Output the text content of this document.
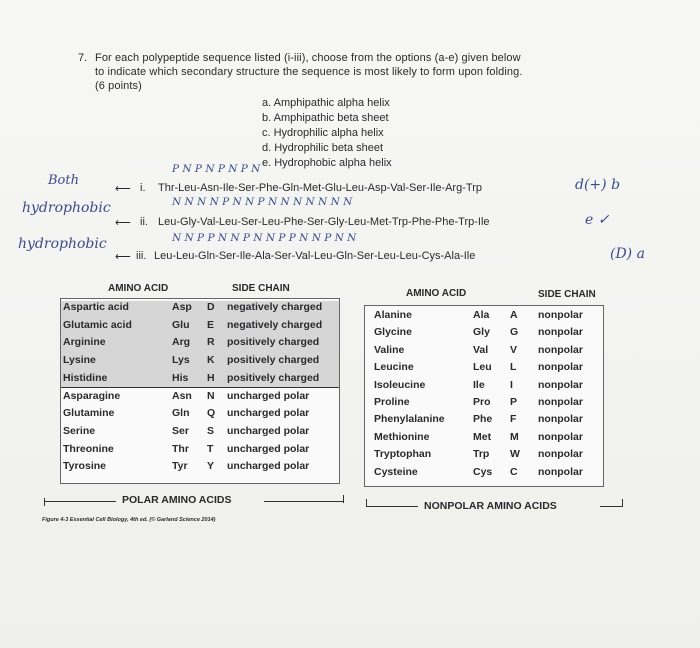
7. For each polypeptide sequence listed (i-iii), choose from the options (a-e) given below
to indicate which secondary structure the sequence is most likely to form upon folding.
(6 points)
a. Amphipathic alpha helix
b. Amphipathic beta sheet
c. Hydrophilic alpha helix
d. Hydrophilic beta sheet
e. Hydrophobic alpha helix
Both
hydrophobic
hydrophobic
P N P N P N P N
N N N N P N N P N N N N N N N
N N P P N N P N N P P N N P N N
d(+) b
e ✓
(D) a
⟵
⟵
⟵
i. Thr-Leu-Asn-Ile-Ser-Phe-Gln-Met-Glu-Leu-Asp-Val-Ser-Ile-Arg-Trp
ii. Leu-Gly-Val-Leu-Ser-Leu-Phe-Ser-Gly-Leu-Met-Trp-Phe-Phe-Trp-Ile
iii. Leu-Leu-Gln-Ser-Ile-Ala-Ser-Val-Leu-Gln-Ser-Leu-Leu-Cys-Ala-Ile
AMINO ACID	SIDE CHAIN	AMINO ACID	SIDE CHAIN
Aspartic acid	Asp D negatively charged
Glutamic acid	Glu E negatively charged
Arginine	Arg R positively charged
Lysine	Lys K positively charged
Histidine	His H positively charged
Asparagine	Asn N uncharged polar
Glutamine	Gln Q uncharged polar
Serine	Ser S uncharged polar
Threonine	Thr T uncharged polar
Tyrosine	Tyr Y uncharged polar
Alanine	Ala A nonpolar
Glycine	Gly G nonpolar
Valine	Val V nonpolar
Leucine	Leu L nonpolar
Isoleucine	Ile I nonpolar
Proline	Pro P nonpolar
Phenylalanine	Phe F nonpolar
Methionine	Met M nonpolar
Tryptophan	Trp W nonpolar
Cysteine	Cys C nonpolar
POLAR AMINO ACIDS	NONPOLAR AMINO ACIDS
Figure 4-3 Essential Cell Biology, 4th ed. (© Garland Science 2014)
